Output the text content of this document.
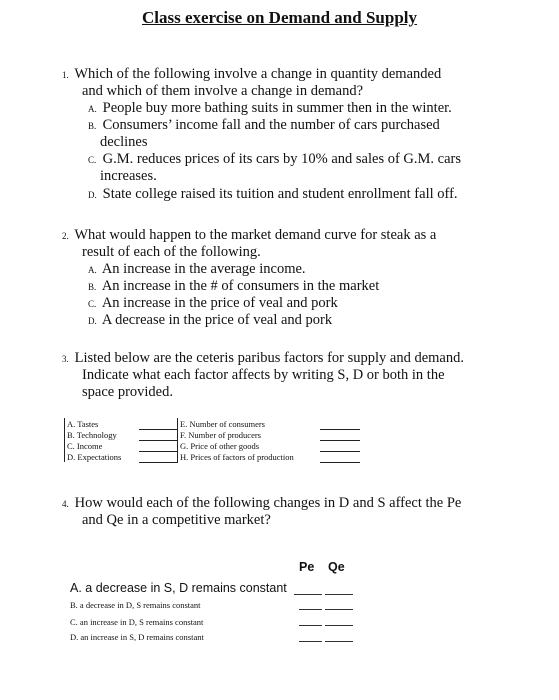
Class exercise on Demand and Supply
1. Which of the following involve a change in quantity demanded
and which of them involve a change in demand?
A. People buy more bathing suits in summer then in the winter.
B. Consumers’ income fall and the number of cars purchased
declines
C. G.M. reduces prices of its cars by 10% and sales of G.M. cars
increases.
D. State college raised its tuition and student enrollment fall off.
2. What would happen to the market demand curve for steak as a
result of each of the following.
A. An increase in the average income.
B. An increase in the # of consumers in the market
C. An increase in the price of veal and pork
D. A decrease in the price of veal and pork
3. Listed below are the ceteris paribus factors for supply and demand.
Indicate what each factor affects by writing S, D or both in the
space provided.
A. Tastes		E. Number of consumers	
B. Technology		F. Number of producers	
C. Income		G. Price of other goods	
D. Expectations		H. Prices of factors of production	
4. How would each of the following changes in D and S affect the Pe
and Qe in a competitive market?
Pe Qe
A. a decrease in S, D remains constant
B. a decrease in D, S remains constant
C. an increase in D, S remains constant
D. an increase in S, D remains constant
